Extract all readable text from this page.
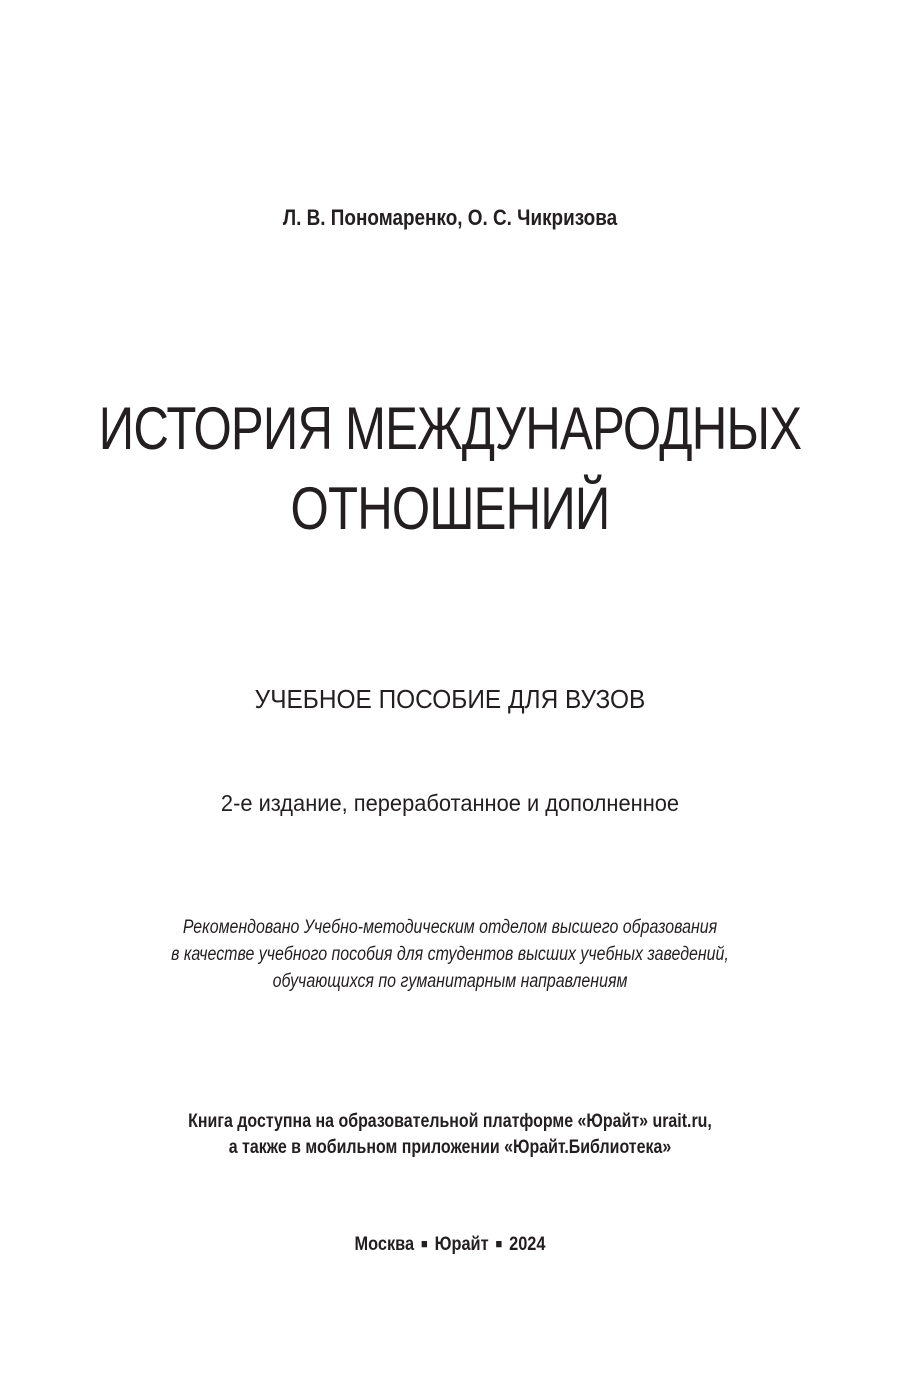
Л. В. Пономаренко, О. С. Чикризова
ИСТОРИЯ МЕЖДУНАРОДНЫХ
ОТНОШЕНИЙ
УЧЕБНОЕ ПОСОБИЕ ДЛЯ ВУЗОВ
2-е издание, переработанное и дополненное
Рекомендовано Учебно-методическим отделом высшего образования
в качестве учебного пособия для студентов высших учебных заведений,
обучающихся по гуманитарным направлениям
Книга доступна на образовательной платформе «Юрайт» urait.ru,
а также в мобильном приложении «Юрайт.Библиотека»
Москва ■ Юрайт ■ 2024
